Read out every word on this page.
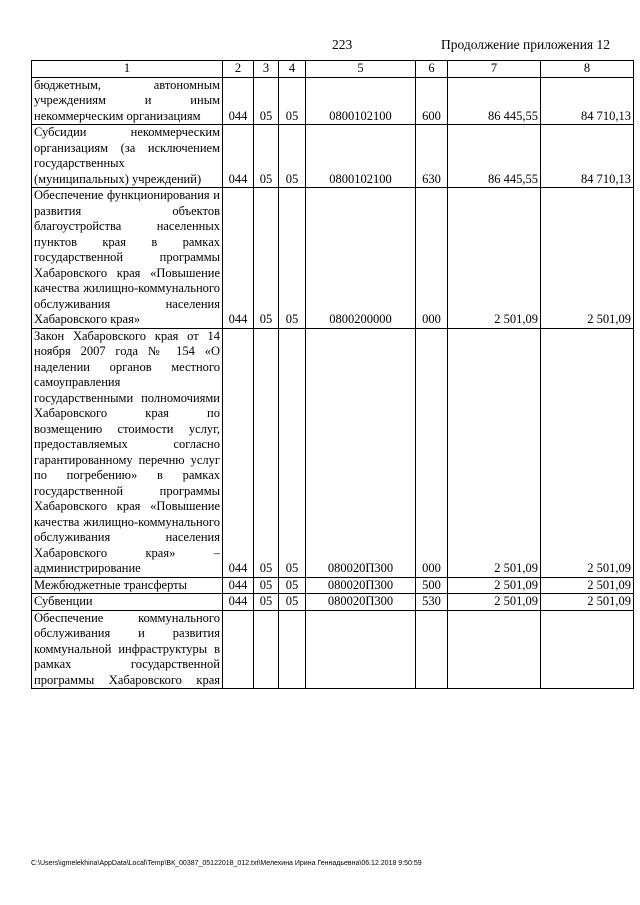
223	Продолжение приложения 12
1	2	3	4	5	6	7	8
бюджетным, автономным учреждениям и иным некоммерческим организациям	044	05	05	0800102100	600	86 445,55	84 710,13
Субсидии некоммерческим организациям (за исключением государственных (муниципальных) учреждений)	044	05	05	0800102100	630	86 445,55	84 710,13
Обеспечение функционирования и развития объектов благоустройства населенных пунктов края в рамках государственной программы Хабаровского края «Повышение качества жилищно-коммунального обслуживания населения Хабаровского края»	044	05	05	0800200000	000	2 501,09	2 501,09
Закон Хабаровского края от 14 ноября 2007 года № 154 «О наделении органов местного самоуправления государственными полномочиями Хабаровского края по возмещению стоимости услуг, предоставляемых согласно гарантированному перечню услуг по погребению» в рамках государственной программы Хабаровского края «Повышение качества жилищно-коммунального обслуживания населения Хабаровского края» – администрирование	044	05	05	080020П300	000	2 501,09	2 501,09
Межбюджетные трансферты	044	05	05	080020П300	500	2 501,09	2 501,09
Субвенции	044	05	05	080020П300	530	2 501,09	2 501,09
Обеспечение коммунального обслуживания и развития коммунальной инфраструктуры в рамках государственной программы Хабаровского края							
C:\Users\igmelekhina\AppData\Local\Temp\ВК_00387_05122018_012.txt\Мелехина Ирина Геннадьевна\06.12.2018 9:50:59
